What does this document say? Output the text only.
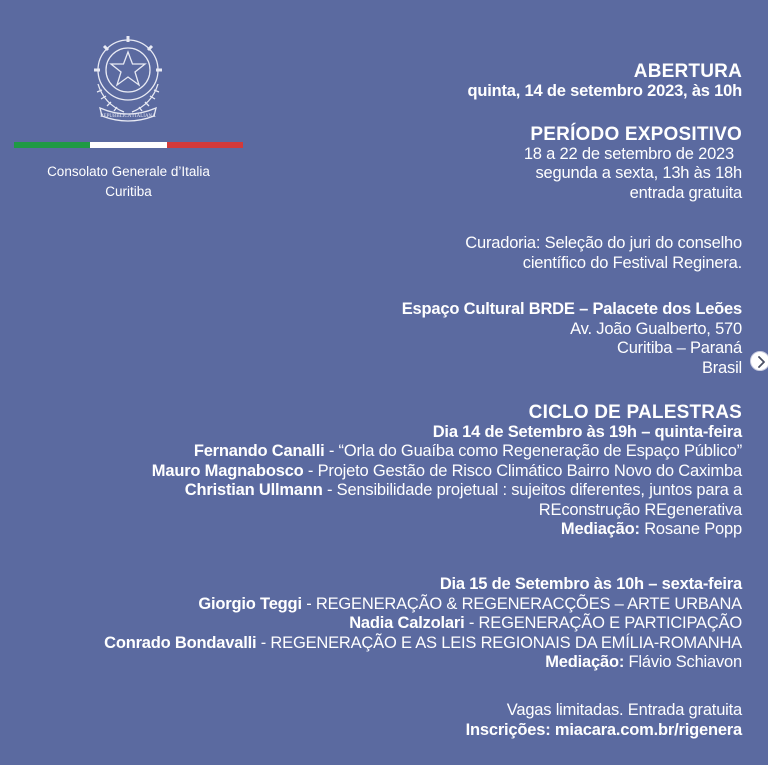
REPUBBLICA ITALIANA
Consolato Generale d’Italia
Curitiba
ABERTURA
quinta, 14 de setembro 2023, às 10h
PERÍODO EXPOSITIVO
18 a 22 de setembro de 2023
segunda a sexta, 13h às 18h
entrada gratuita
Curadoria: Seleção do juri do conselho
científico do Festival Reginera.
Espaço Cultural BRDE – Palacete dos Leões
Av. João Gualberto, 570
Curitiba – Paraná
Brasil
CICLO DE PALESTRAS
Dia 14 de Setembro às 19h – quinta-feira
Fernando Canalli - “Orla do Guaíba como Regeneração de Espaço Público”
Mauro Magnabosco - Projeto Gestão de Risco Climático Bairro Novo do Caximba
Christian Ullmann - Sensibilidade projetual : sujeitos diferentes, juntos para a
REconstrução REgenerativa
Mediação: Rosane Popp
Dia 15 de Setembro às 10h – sexta-feira
Giorgio Teggi - REGENERAÇÃO & REGENERACÇÕES – ARTE URBANA
Nadia Calzolari - REGENERAÇÃO E PARTICIPAÇÃO
Conrado Bondavalli - REGENERAÇÃO E AS LEIS REGIONAIS DA EMÍLIA-ROMANHA
Mediação: Flávio Schiavon
Vagas limitadas. Entrada gratuita
Inscrições: miacara.com.br/rigenera
